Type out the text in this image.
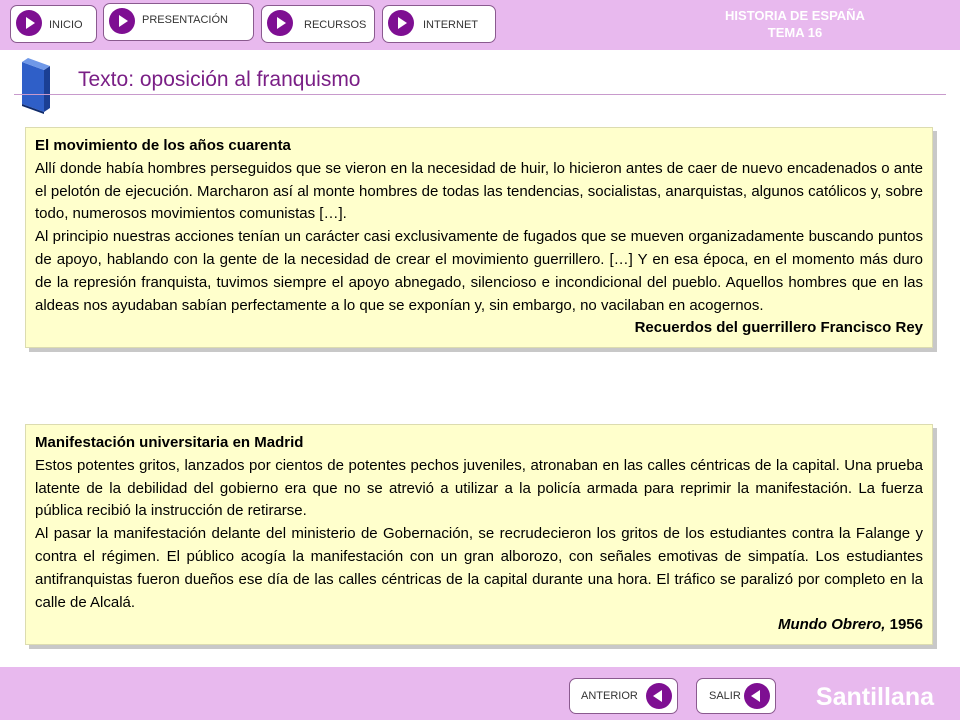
INICIO	PRESENTACIÓN	RECURSOS	INTERNET
HISTORIA DE ESPAÑA
TEMA 16
Texto: oposición al franquismo

El movimiento de los años cuarenta

Allí donde había hombres perseguidos que se vieron en la necesidad de huir, lo hicieron antes de caer de nuevo encadenados o ante el pelotón de ejecución. Marcharon así al monte hombres de todas las tendencias, socialistas, anarquistas, algunos católicos y, sobre todo, numerosos movimientos comunistas […].

Al principio nuestras acciones tenían un carácter casi exclusivamente de fugados que se mueven organizadamente buscando puntos de apoyo, hablando con la gente de la necesidad de crear el movimiento guerrillero. […] Y en esa época, en el momento más duro de la represión franquista, tuvimos siempre el apoyo abnegado, silencioso e incondicional del pueblo. Aquellos hombres que en las aldeas nos ayudaban sabían perfectamente a lo que se exponían y, sin embargo, no vacilaban en acogernos.

Recuerdos del guerrillero Francisco Rey

Manifestación universitaria en Madrid

Estos potentes gritos, lanzados por cientos de potentes pechos juveniles, atronaban en las calles céntricas de la capital. Una prueba latente de la debilidad del gobierno era que no se atrevió a utilizar a la policía armada para reprimir la manifestación. La fuerza pública recibió la instrucción de retirarse.

Al pasar la manifestación delante del ministerio de Gobernación, se recrudecieron los gritos de los estudiantes contra la Falange y contra el régimen. El público acogía la manifestación con un gran alborozo, con señales emotivas de simpatía. Los estudiantes antifranquistas fueron dueños ese día de las calles céntricas de la capital durante una hora. El tráfico se paralizó por completo en la calle de Alcalá.

Mundo Obrero, 1956

ANTERIOR	SALIR	Santillana
